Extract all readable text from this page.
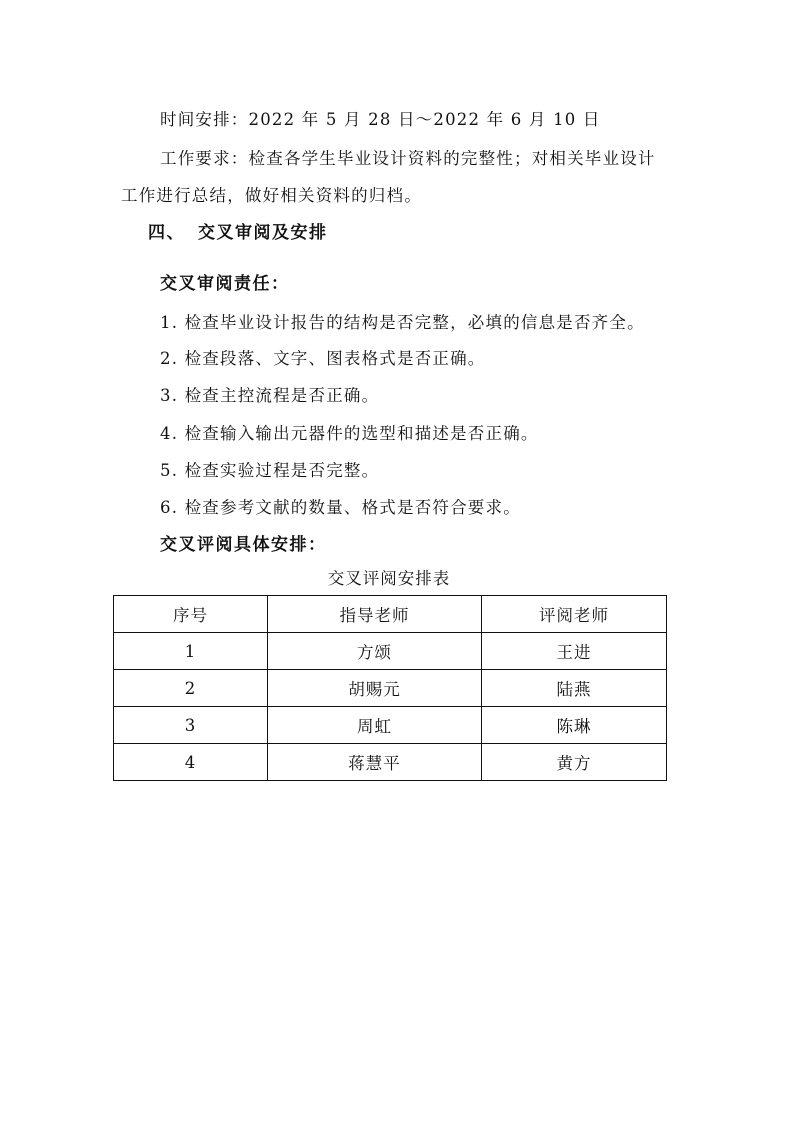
时间安排：2022 年 5 月 28 日～2022 年 6 月 10 日
工作要求：检查各学生毕业设计资料的完整性；对相关毕业设计
工作进行总结，做好相关资料的归档。
四、 交叉审阅及安排
交叉审阅责任：
1. 检查毕业设计报告的结构是否完整，必填的信息是否齐全。
2. 检查段落、文字、图表格式是否正确。
3. 检查主控流程是否正确。
4. 检查输入输出元器件的选型和描述是否正确。
5. 检查实验过程是否完整。
6. 检查参考文献的数量、格式是否符合要求。
交叉评阅具体安排：
交叉评阅安排表
序号	指导老师	评阅老师
1	方颂	王进
2	胡赐元	陆燕
3	周虹	陈琳
4	蒋慧平	黄方
